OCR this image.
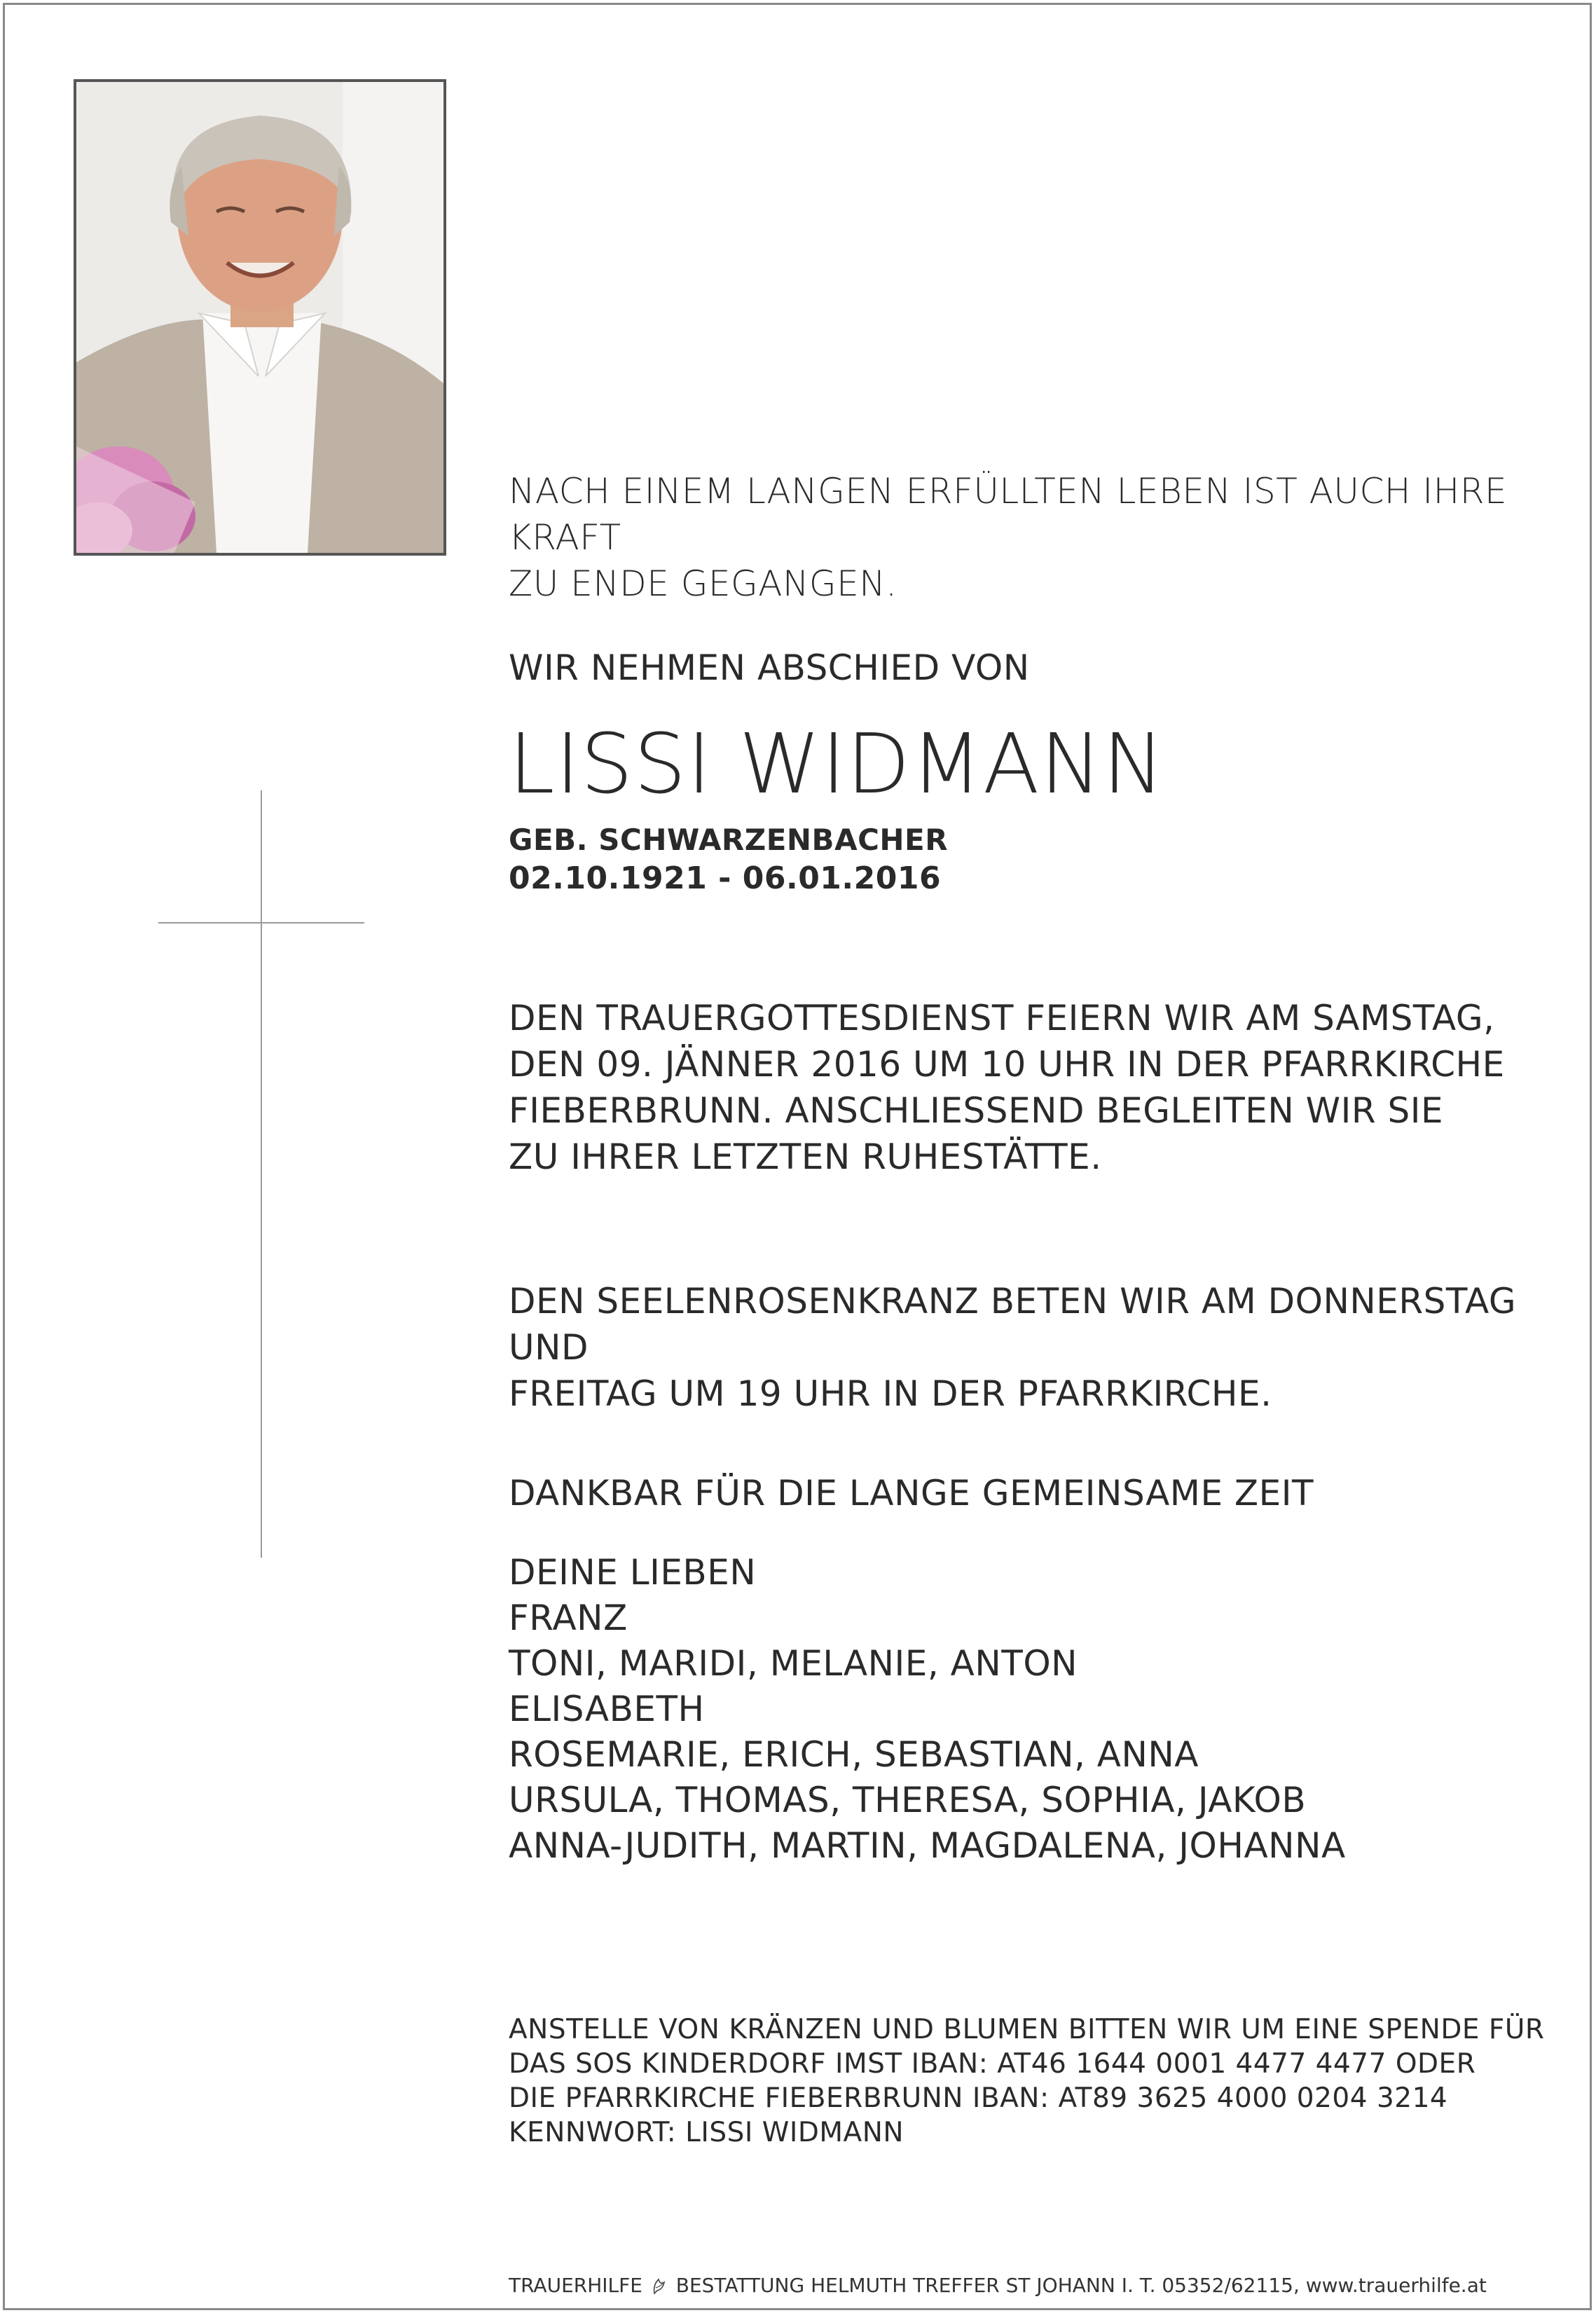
NACH EINEM LANGEN ERFÜLLTEN LEBEN IST AUCH IHRE KRAFT
ZU ENDE GEGANGEN.

WIR NEHMEN ABSCHIED VON

LISSI WIDMANN

GEB. SCHWARZENBACHER

02.10.1921 - 06.01.2016

DEN TRAUERGOTTESDIENST FEIERN WIR AM SAMSTAG,
DEN 09. JÄNNER 2016 UM 10 UHR IN DER PFARRKIRCHE
FIEBERBRUNN. ANSCHLIESSEND BEGLEITEN WIR SIE
ZU IHRER LETZTEN RUHESTÄTTE.

DEN SEELENROSENKRANZ BETEN WIR AM DONNERSTAG UND
FREITAG UM 19 UHR IN DER PFARRKIRCHE.

DANKBAR FÜR DIE LANGE GEMEINSAME ZEIT

DEINE LIEBEN
FRANZ
TONI, MARIDI, MELANIE, ANTON
ELISABETH
ROSEMARIE, ERICH, SEBASTIAN, ANNA
URSULA, THOMAS, THERESA, SOPHIA, JAKOB
ANNA-JUDITH, MARTIN, MAGDALENA, JOHANNA

ANSTELLE VON KRÄNZEN UND BLUMEN BITTEN WIR UM EINE SPENDE FÜR
DAS SOS KINDERDORF IMST IBAN: AT46 1644 0001 4477 4477 ODER
DIE PFARRKIRCHE FIEBERBRUNN IBAN: AT89 3625 4000 0204 3214
KENNWORT: LISSI WIDMANN

TRAUERHILFE BESTATTUNG HELMUTH TREFFER ST JOHANN I. T. 05352/62115, www.trauerhilfe.at
